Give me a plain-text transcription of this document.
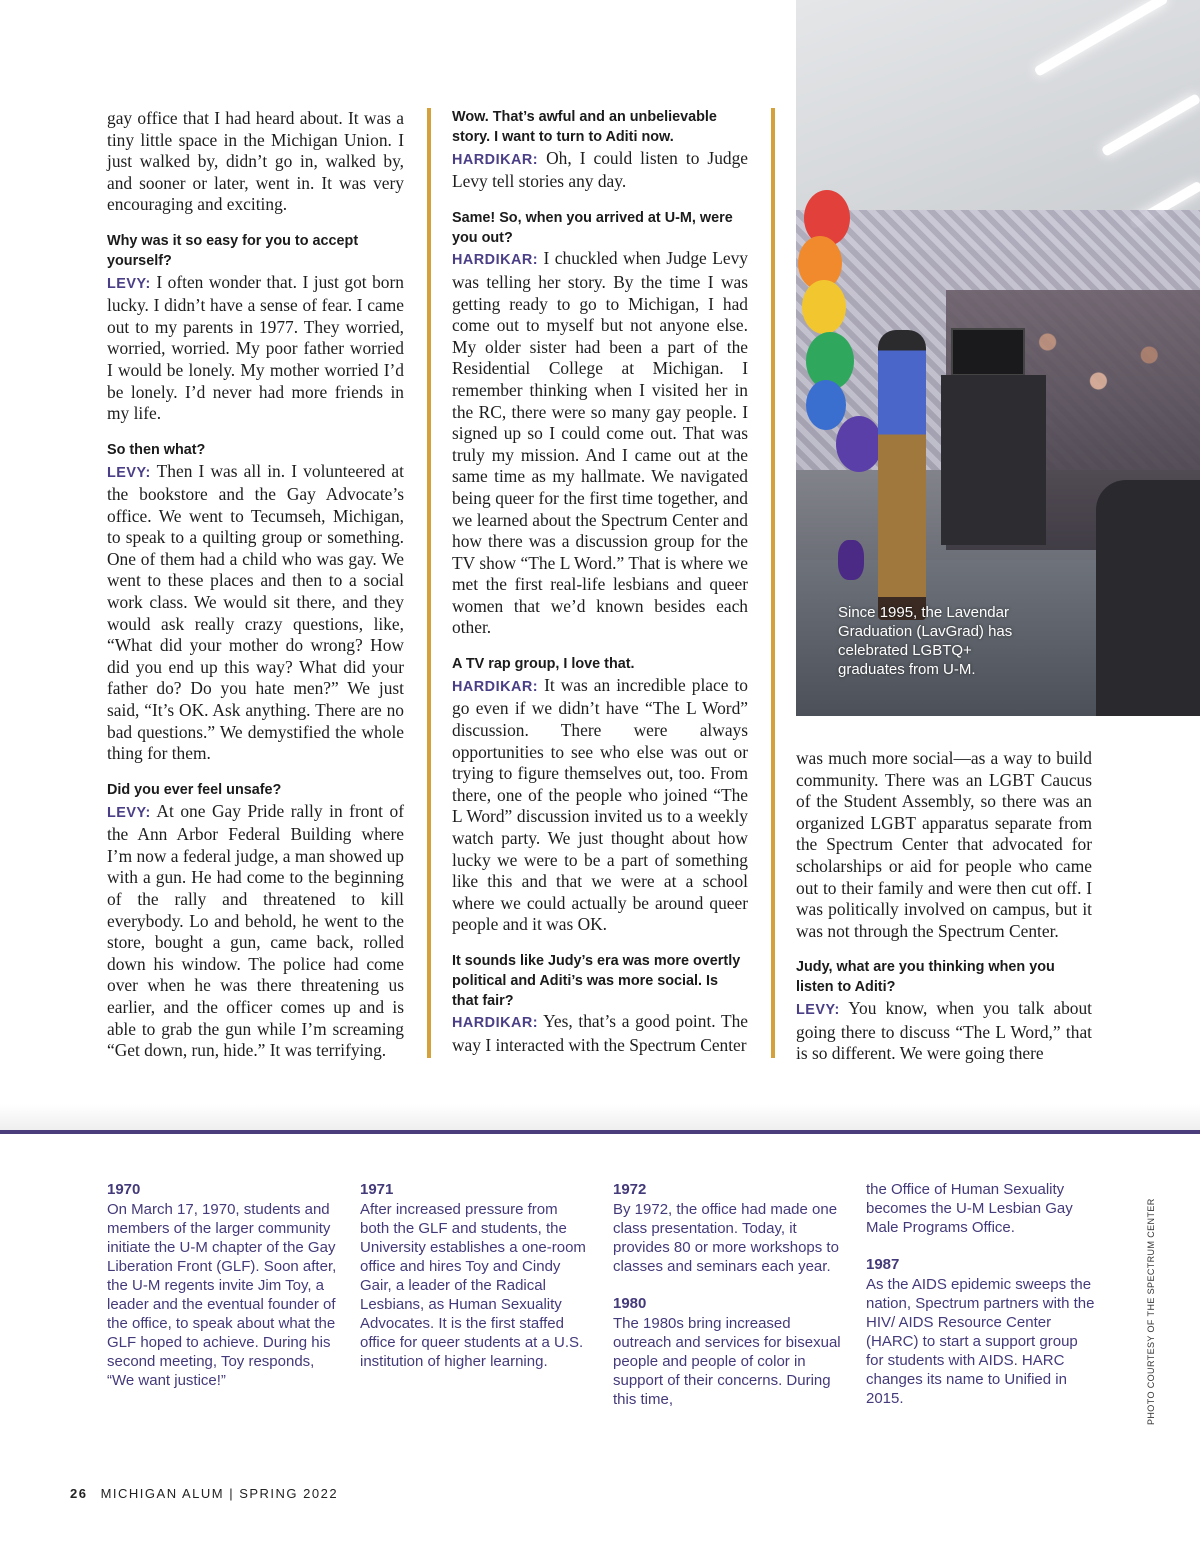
gay office that I had heard about. It was a tiny little space in the Michigan Union. I just walked by, didn’t go in, walked by, and sooner or later, went in. It was very encouraging and exciting.

Why was it so easy for you to accept yourself?
LEVY: I often wonder that. I just got born lucky. I didn’t have a sense of fear. I came out to my parents in 1977. They worried, worried, worried. My poor father worried I would be lonely. My mother worried I’d be lonely. I’d never had more friends in my life.

So then what?
LEVY: Then I was all in. I volunteered at the bookstore and the Gay Advocate’s office. We went to Tecumseh, Michigan, to speak to a quilting group or something. One of them had a child who was gay. We went to these places and then to a social work class. We would sit there, and they would ask really crazy questions, like, “What did your mother do wrong? How did you end up this way? What did your father do? Do you hate men?” We just said, “It’s OK. Ask anything. There are no bad questions.” We demystified the whole thing for them.

Did you ever feel unsafe?
LEVY: At one Gay Pride rally in front of the Ann Arbor Federal Building where I’m now a federal judge, a man showed up with a gun. He had come to the beginning of the rally and threatened to kill everybody. Lo and behold, he went to the store, bought a gun, came back, rolled down his window. The police had come over when he was there threatening us earlier, and the officer comes up and is able to grab the gun while I’m screaming “Get down, run, hide.” It was terrifying.

Wow. That’s awful and an unbelievable story. I want to turn to Aditi now.
HARDIKAR: Oh, I could listen to Judge Levy tell stories any day.

Same! So, when you arrived at U-M, were you out?
HARDIKAR: I chuckled when Judge Levy was telling her story. By the time I was getting ready to go to Michigan, I had come out to myself but not anyone else. My older sister had been a part of the Residential College at Michigan. I remember thinking when I visited her in the RC, there were so many gay people. I signed up so I could come out. That was truly my mission. And I came out at the same time as my hallmate. We navigated being queer for the first time together, and we learned about the Spectrum Center and how there was a discussion group for the TV show “The L Word.” That is where we met the first real-life lesbians and queer women that we’d known besides each other.

A TV rap group, I love that.
HARDIKAR: It was an incredible place to go even if we didn’t have “The L Word” discussion. There were always opportunities to see who else was out or trying to figure themselves out, too. From there, one of the people who joined “The L Word” discussion invited us to a weekly watch party. We just thought about how lucky we were to be a part of something like this and that we were at a school where we could actually be around queer people and it was OK.

It sounds like Judy’s era was more overtly political and Aditi’s was more social. Is that fair?
HARDIKAR: Yes, that’s a good point. The way I interacted with the Spectrum Center

Since 1995, the Lavendar Graduation (LavGrad) has celebrated LGBTQ+ graduates from U-M.

was much more social—as a way to build community. There was an LGBT Caucus of the Student Assembly, so there was an organized LGBT apparatus separate from the Spectrum Center that advocated for scholarships or aid for people who came out to their family and were then cut off. I was politically involved on campus, but it was not through the Spectrum Center.

Judy, what are you thinking when you listen to Aditi?
LEVY: You know, when you talk about going there to discuss “The L Word,” that is so different. We were going there

1970
On March 17, 1970, students and members of the larger community initiate the U-M chapter of the Gay Liberation Front (GLF). Soon after, the U-M regents invite Jim Toy, a leader and the eventual founder of the office, to speak about what the GLF hoped to achieve. During his second meeting, Toy responds, “We want justice!”
1971
After increased pressure from both the GLF and students, the University establishes a one-room office and hires Toy and Cindy Gair, a leader of the Radical Lesbians, as Human Sexuality Advocates. It is the first staffed office for queer students at a U.S. institution of higher learning.
1972
By 1972, the office had made one class presentation. Today, it provides 80 or more workshops to classes and seminars each year.
1980
The 1980s bring increased outreach and services for bisexual people and people of color in support of their concerns. During this time,
the Office of Human Sexuality becomes the U-M Lesbian Gay Male Programs Office.
1987
As the AIDS epidemic sweeps the nation, Spectrum partners with the HIV/ AIDS Resource Center (HARC) to start a support group for students with AIDS. HARC changes its name to Unified in 2015.	PHOTO COURTESY OF THE SPECTRUM CENTER
26 MICHIGAN ALUM | SPRING 2022
